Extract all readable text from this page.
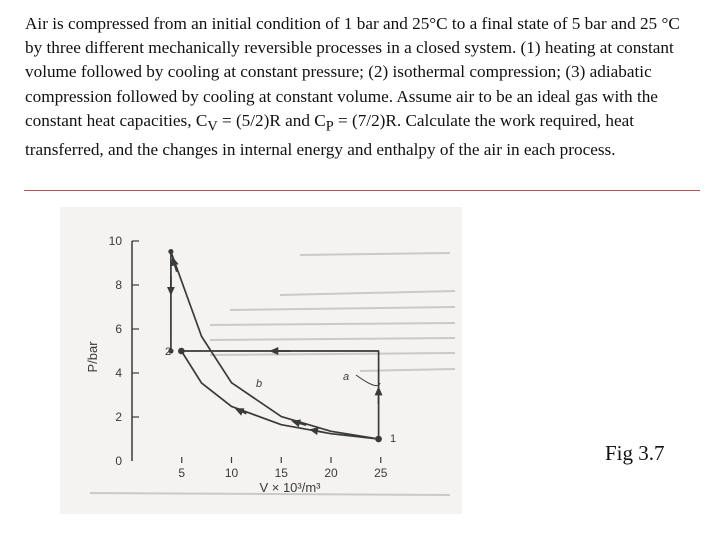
Air is compressed from an initial condition of 1 bar and 25°C to a final state of 5 bar and 25 °C by three different mechanically reversible processes in a closed system. (1) heating at constant volume followed by cooling at constant pressure; (2) isothermal compression; (3) adiabatic compression followed by cooling at constant volume. Assume air to be an ideal gas with the constant heat capacities, $C_V = (5/2)R$ and $C_P = (7/2)R$. Calculate the work required, heat transferred, and the changes in internal energy and enthalpy of the air in each process.

0
2
4
6
8
10
5	10	15	20	25
P/bar
V × 10³/m³
2
1
a
b
Fig 3.7
